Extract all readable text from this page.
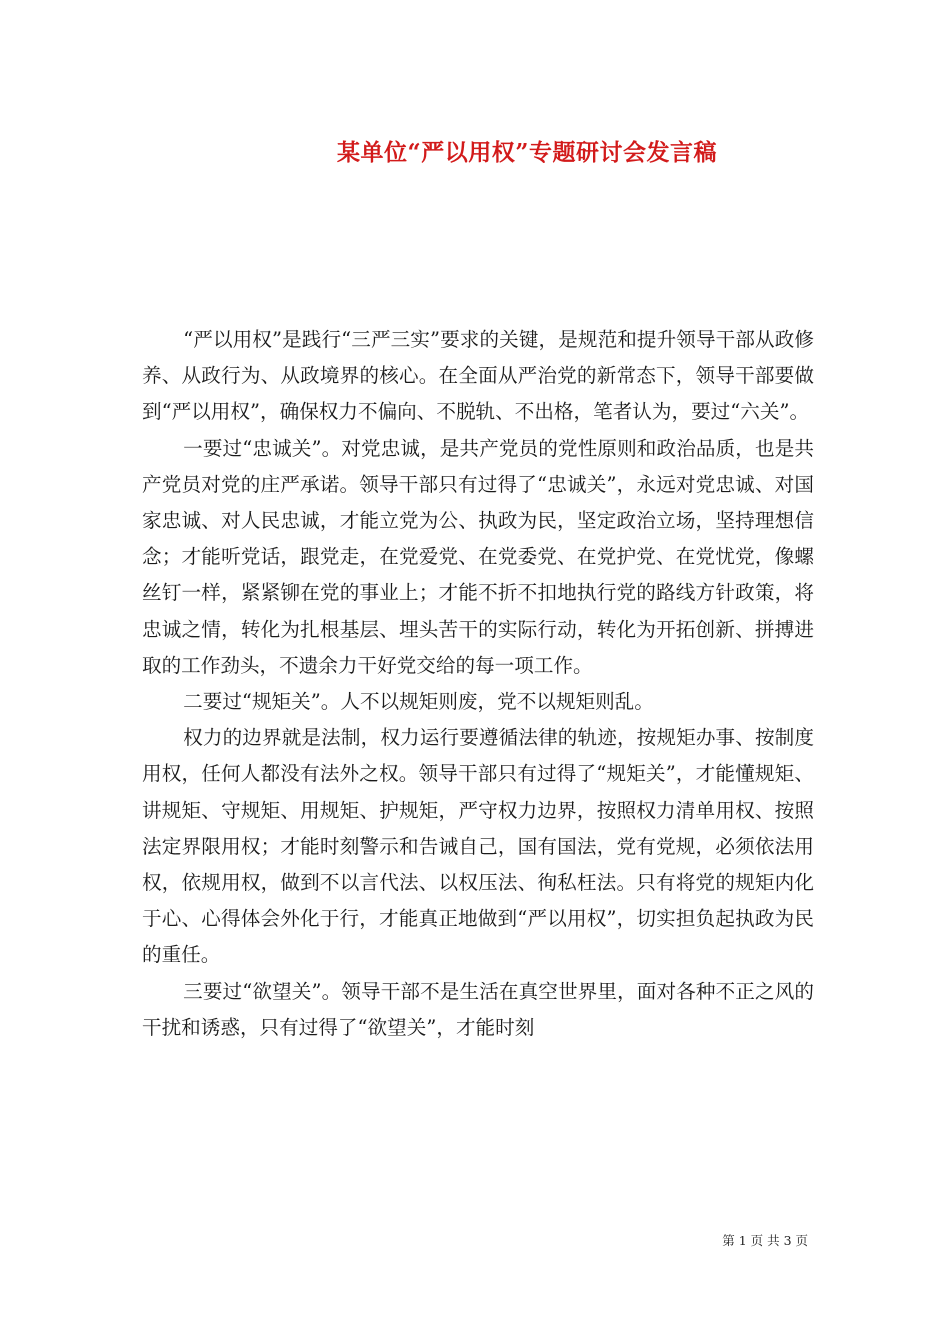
某单位“严以用权”专题研讨会发言稿

“严以用权”是践行“三严三实”要求的关键，是规范和提升领导干部从政修养、从政行为、从政境界的核心。在全面从严治党的新常态下，领导干部要做到“严以用权”，确保权力不偏向、不脱轨、不出格，笔者认为，要过“六关”。

一要过“忠诚关”。对党忠诚，是共产党员的党性原则和政治品质，也是共产党员对党的庄严承诺。领导干部只有过得了“忠诚关”，永远对党忠诚、对国家忠诚、对人民忠诚，才能立党为公、执政为民，坚定政治立场，坚持理想信念；才能听党话，跟党走，在党爱党、在党委党、在党护党、在党忧党，像螺丝钉一样，紧紧铆在党的事业上；才能不折不扣地执行党的路线方针政策，将忠诚之情，转化为扎根基层、埋头苦干的实际行动，转化为开拓创新、拼搏进取的工作劲头，不遗余力干好党交给的每一项工作。

二要过“规矩关”。人不以规矩则废，党不以规矩则乱。

权力的边界就是法制，权力运行要遵循法律的轨迹，按规矩办事、按制度用权，任何人都没有法外之权。领导干部只有过得了“规矩关”，才能懂规矩、讲规矩、守规矩、用规矩、护规矩，严守权力边界，按照权力清单用权、按照法定界限用权；才能时刻警示和告诫自己，国有国法，党有党规，必须依法用权，依规用权，做到不以言代法、以权压法、徇私枉法。只有将党的规矩内化于心、心得体会外化于行，才能真正地做到“严以用权”，切实担负起执政为民的重任。

三要过“欲望关”。领导干部不是生活在真空世界里，面对各种不正之风的干扰和诱惑，只有过得了“欲望关”，才能时刻

第 1 页 共 3 页
